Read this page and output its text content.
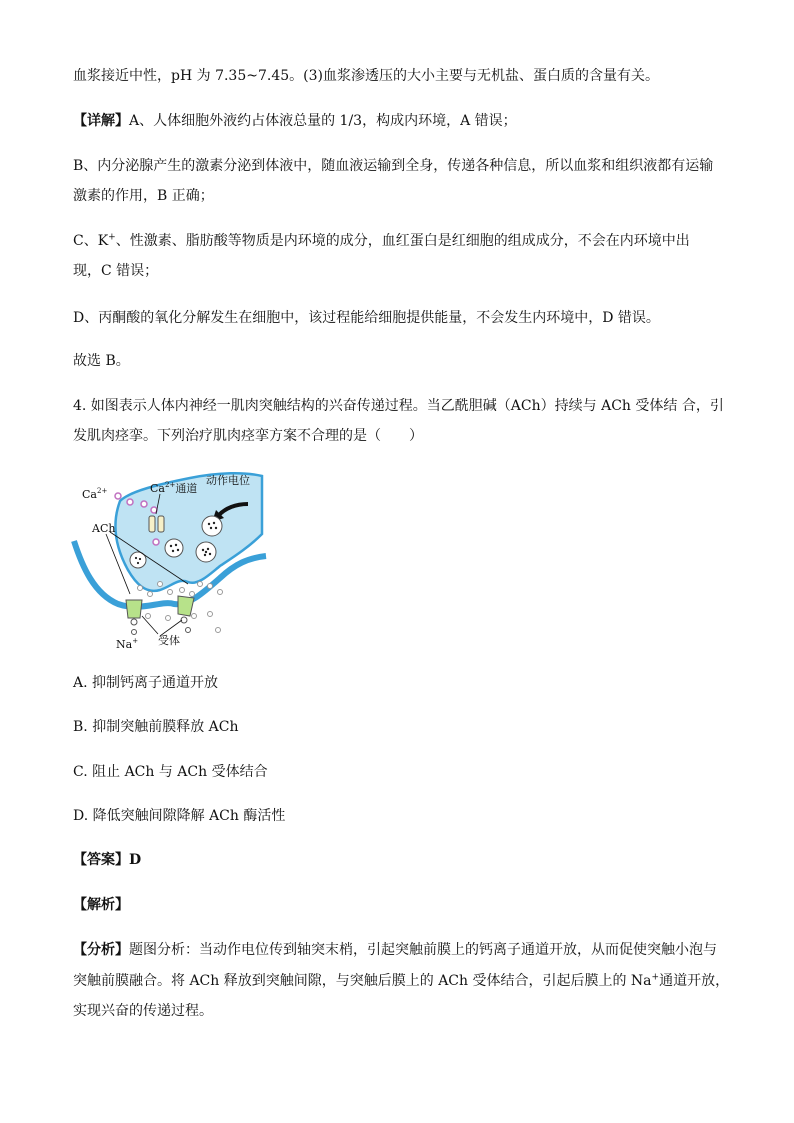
血浆接近中性，pH 为 7.35~7.45。(3)血浆渗透压的大小主要与无机盐、蛋白质的含量有关。
【详解】A、人体细胞外液约占体液总量的 1/3，构成内环境，A 错误；
B、内分泌腺产生的激素分泌到体液中，随血液运输到全身，传递各种信息，所以血浆和组织液都有运输
激素的作用，B 正确；
C、K+、性激素、脂肪酸等物质是内环境的成分，血红蛋白是红细胞的组成成分，不会在内环境中出
现，C 错误；
D、丙酮酸的氧化分解发生在细胞中，该过程能给细胞提供能量，不会发生内环境中，D 错误。
故选 B。
4. 如图表示人体内神经一肌肉突触结构的兴奋传递过程。当乙酰胆碱（ACh）持续与 ACh 受体结 合，引
发肌肉痉挛。下列治疗肌肉痉挛方案不合理的是（　　）
$Ca^{2+}$	$Ca^{2+}$通道
动作电位
ACh
Na+ 受体
A. 抑制钙离子通道开放
B. 抑制突触前膜释放 ACh
C. 阻止 ACh 与 ACh 受体结合
D. 降低突触间隙降解 ACh 酶活性
【答案】D
【解析】
【分析】题图分析：当动作电位传到轴突末梢，引起突触前膜上的钙离子通道开放，从而促使突触小泡与
突触前膜融合。将 ACh 释放到突触间隙，与突触后膜上的 ACh 受体结合，引起后膜上的 Na+通道开放，
实现兴奋的传递过程。
